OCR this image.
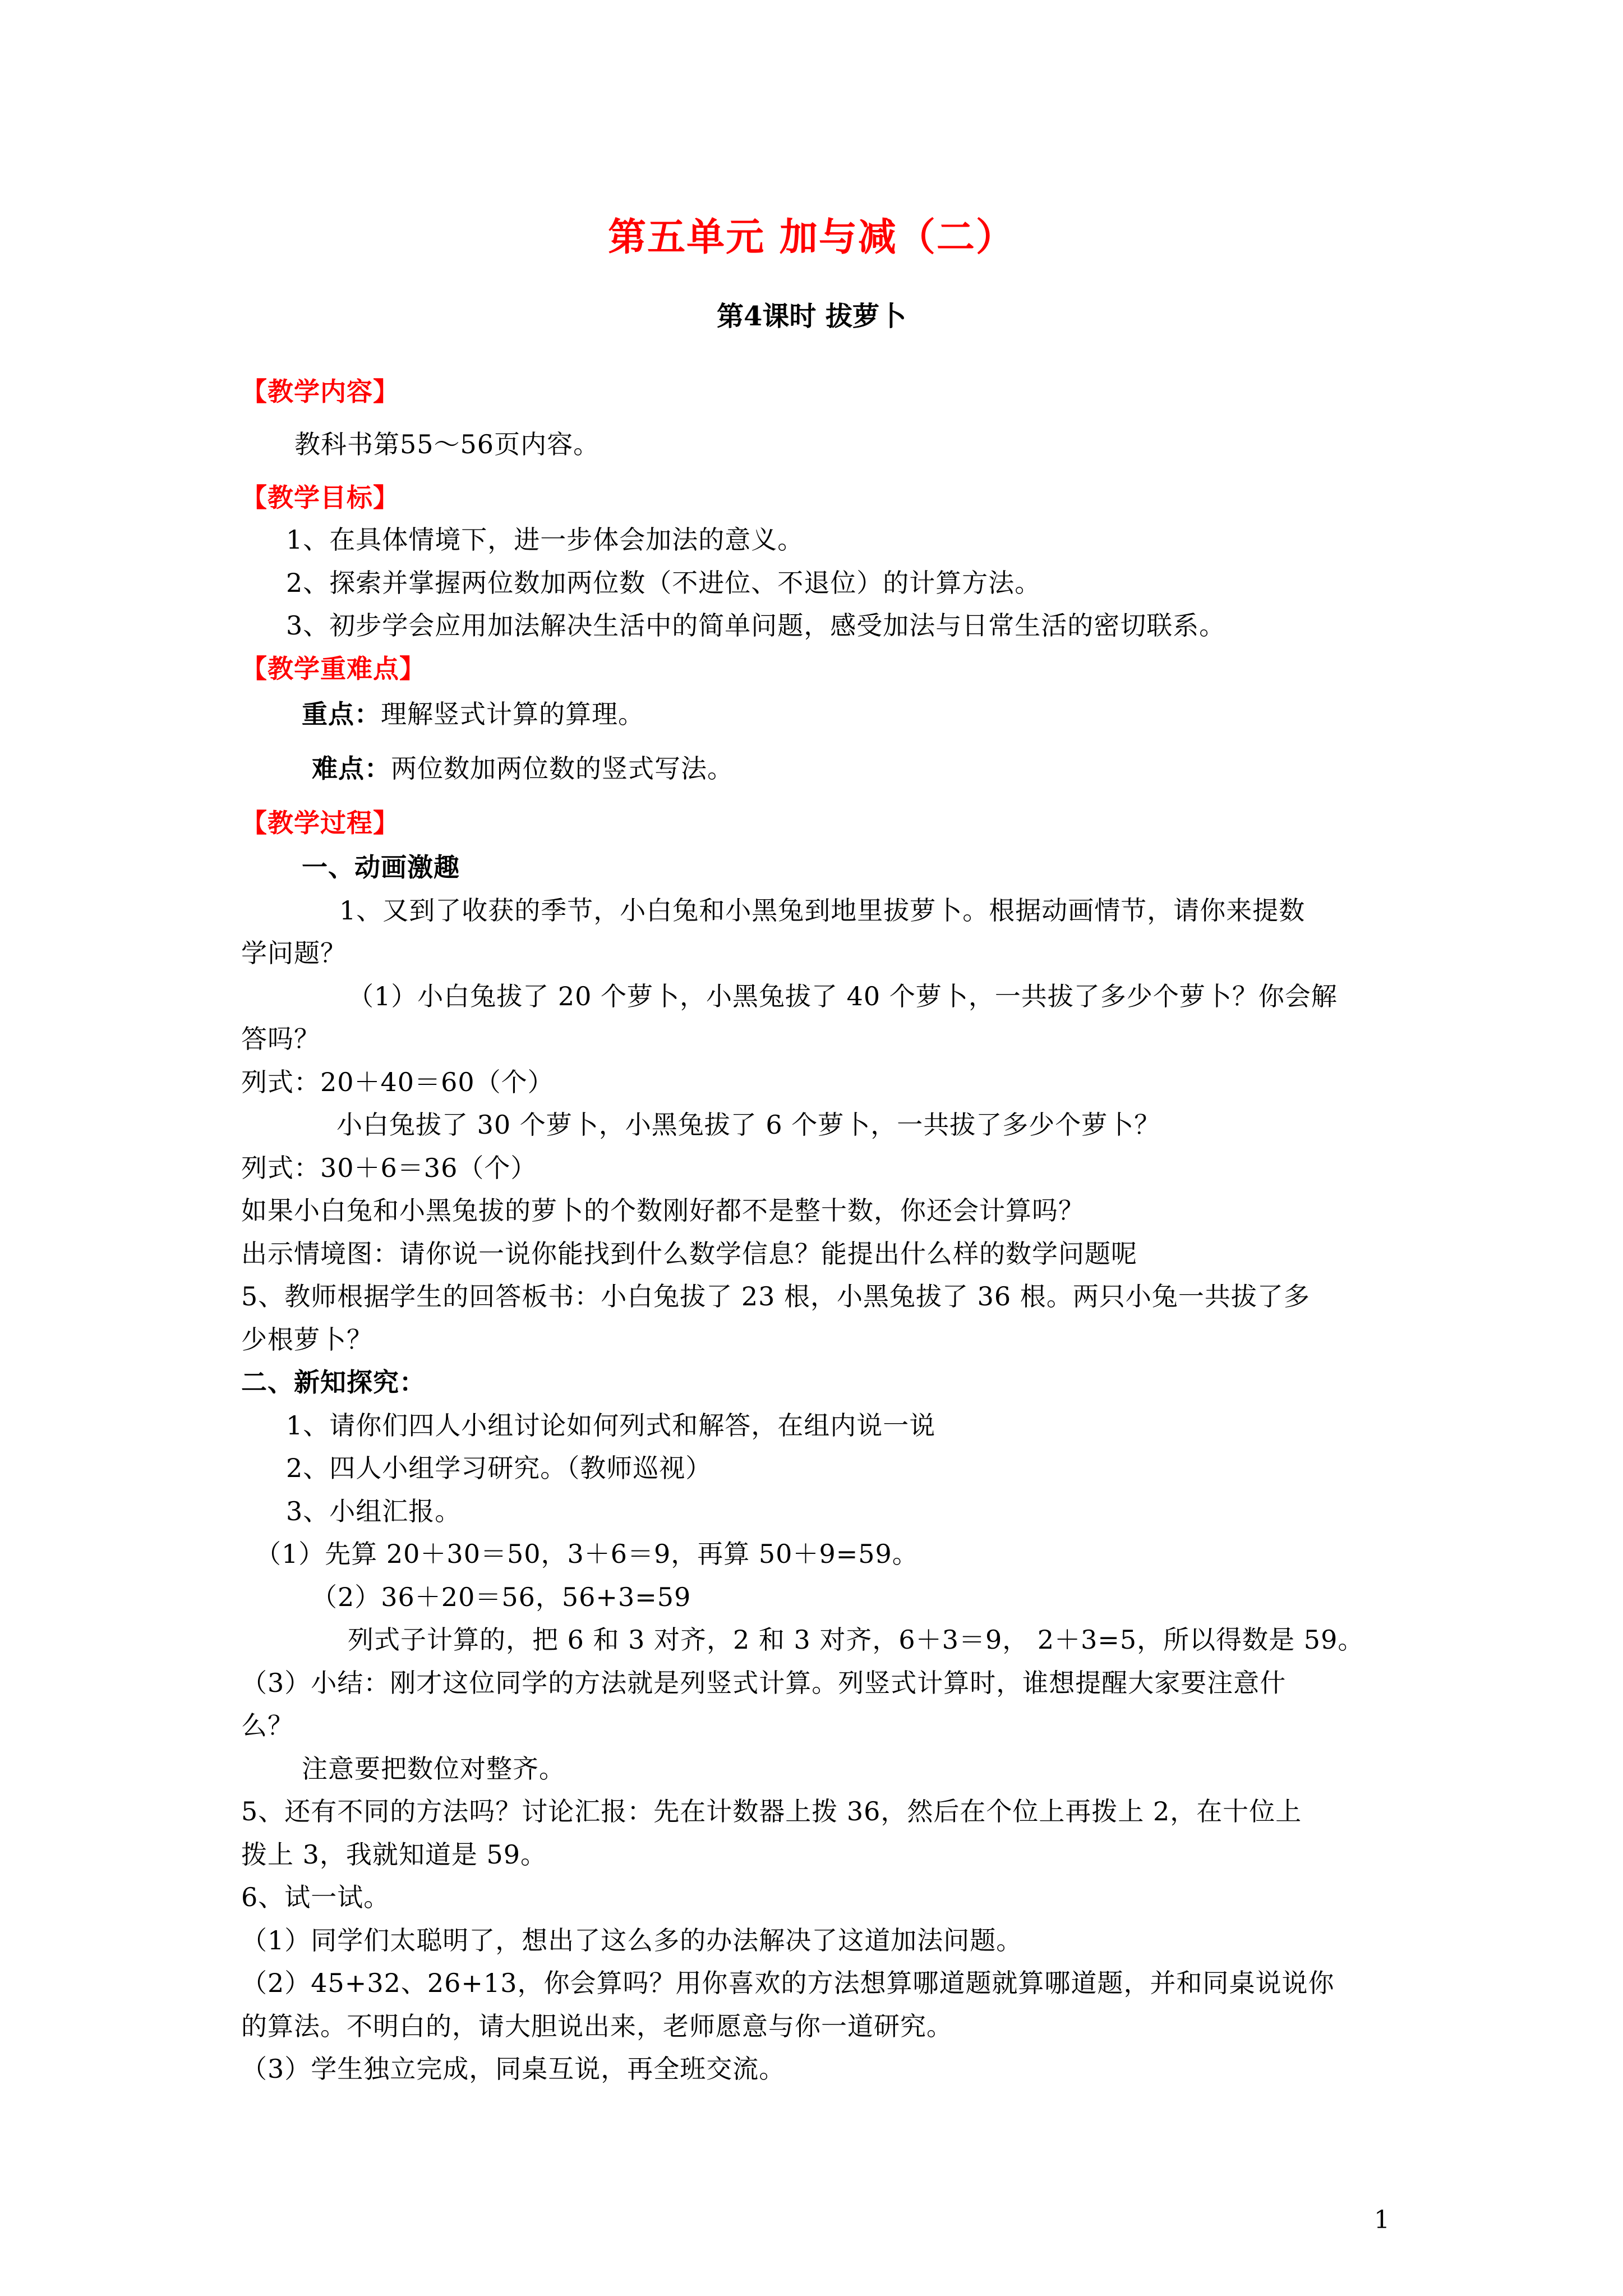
第五单元 加与减（二）
第4课时 拔萝卜
【教学内容】
教科书第55～56页内容。
【教学目标】
1、在具体情境下，进一步体会加法的意义。
2、探索并掌握两位数加两位数（不进位、不退位）的计算方法。
3、初步学会应用加法解决生活中的简单问题，感受加法与日常生活的密切联系。
【教学重难点】
重点：理解竖式计算的算理。
难点：两位数加两位数的竖式写法。
【教学过程】
一、动画激趣
1、又到了收获的季节，小白兔和小黑兔到地里拔萝卜。根据动画情节，请你来提数
学问题？
（1）小白兔拔了 20 个萝卜，小黑兔拔了 40 个萝卜，一共拔了多少个萝卜？你会解
答吗？
列式：20＋40＝60（个）
小白兔拔了 30 个萝卜，小黑兔拔了 6 个萝卜，一共拔了多少个萝卜？
列式：30＋6＝36（个）
如果小白兔和小黑兔拔的萝卜的个数刚好都不是整十数，你还会计算吗？
出示情境图：请你说一说你能找到什么数学信息？能提出什么样的数学问题呢
5、教师根据学生的回答板书：小白兔拔了 23 根，小黑兔拔了 36 根。两只小兔一共拔了多
少根萝卜？
二、新知探究：
1、请你们四人小组讨论如何列式和解答，在组内说一说
2、四人小组学习研究。（教师巡视）
3、小组汇报。
（1）先算 20＋30＝50，3＋6＝9，再算 50＋9=59。
（2）36＋20＝56，56+3=59
列式子计算的，把 6 和 3 对齐，2 和 3 对齐，6＋3＝9， 2＋3=5，所以得数是 59。
（3）小结：刚才这位同学的方法就是列竖式计算。列竖式计算时，谁想提醒大家要注意什
么？
注意要把数位对整齐。
5、还有不同的方法吗？讨论汇报：先在计数器上拨 36，然后在个位上再拨上 2，在十位上
拨上 3，我就知道是 59。
6、试一试。
（1）同学们太聪明了，想出了这么多的办法解决了这道加法问题。
（2）45+32、26+13，你会算吗？用你喜欢的方法想算哪道题就算哪道题，并和同桌说说你
的算法。不明白的，请大胆说出来，老师愿意与你一道研究。
（3）学生独立完成，同桌互说，再全班交流。
1
